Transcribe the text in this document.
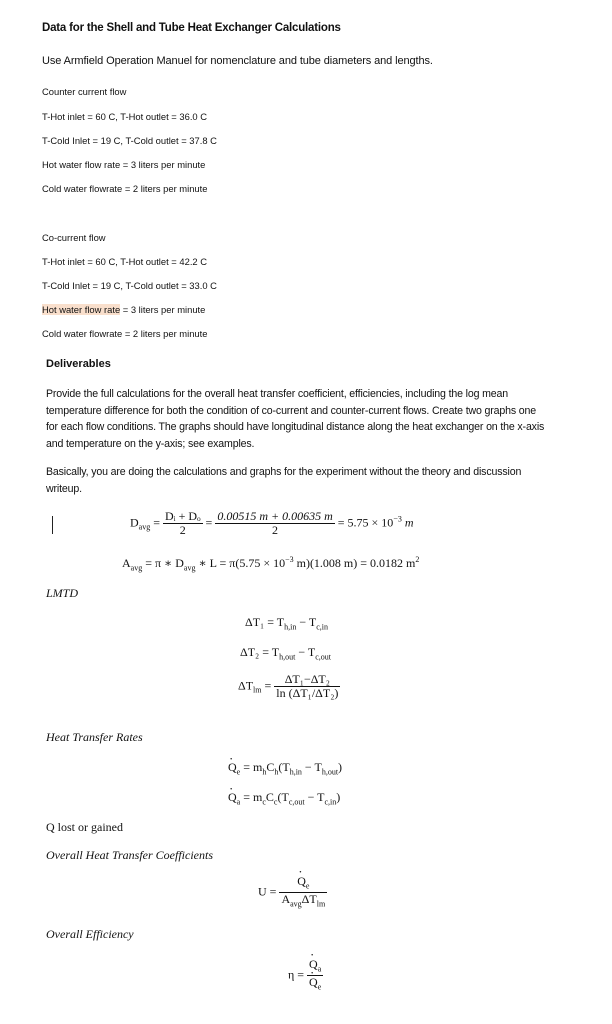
Data for the Shell and Tube Heat Exchanger Calculations
Use Armfield Operation Manuel for nomenclature and tube diameters and lengths.
Counter current flow
T-Hot inlet = 60 C, T-Hot outlet = 36.0 C
T-Cold Inlet = 19 C, T-Cold outlet = 37.8 C
Hot water flow rate = 3 liters per minute
Cold water flowrate = 2 liters per minute
Co-current flow
T-Hot inlet = 60 C, T-Hot outlet = 42.2 C
T-Cold Inlet = 19 C, T-Cold outlet = 33.0 C
Hot water flow rate = 3 liters per minute
Cold water flowrate = 2 liters per minute
Deliverables
Provide the full calculations for the overall heat transfer coefficient, efficiencies, including the log mean temperature difference for both the condition of co-current and counter-current flows. Create two graphs one for each flow conditions. The graphs should have longitudinal distance along the heat exchanger on the x-axis and temperature on the y-axis; see examples.
Basically, you are doing the calculations and graphs for the experiment without the theory and discussion writeup.
$D_{avg} = \frac{\text{Dᵢ + Dₒ}}{2} = \frac{0.00515 m + 0.00635 m}{2} = 5.75 \times 10^{-3}$ m
$A_{avg} = \pi$ ∗ $D_{avg}$ ∗ $L = \pi(5.75 \times 10^{-3}$ m)(1.008 m) = 0.0182 $m^2$
LMTD
$\Delta T_1 = T_{h,in} - T_{c,in}$
$\Delta T_2 = T_{h,out} - T_{c,out}$
$\Delta T_{lm} = \frac{\text{ΔT₁−ΔT₂}}{\text{ln (ΔT₁/ΔT₂)}}$
Heat Transfer Rates
$Q \cdot_e = m_hC_h(T_{h,in} - T_{h,out})$
$Q \cdot_a = m_cC_c(T_{c,out} - T_{c,in})$
Q lost or gained
Overall Heat Transfer Coefficients
$U = \frac{Q \cdot_e}{A_{avg}\Delta T_{lm}}$
Overall Efficiency
$\eta = \frac{Q \cdot_a}{Q \cdot_e}$
